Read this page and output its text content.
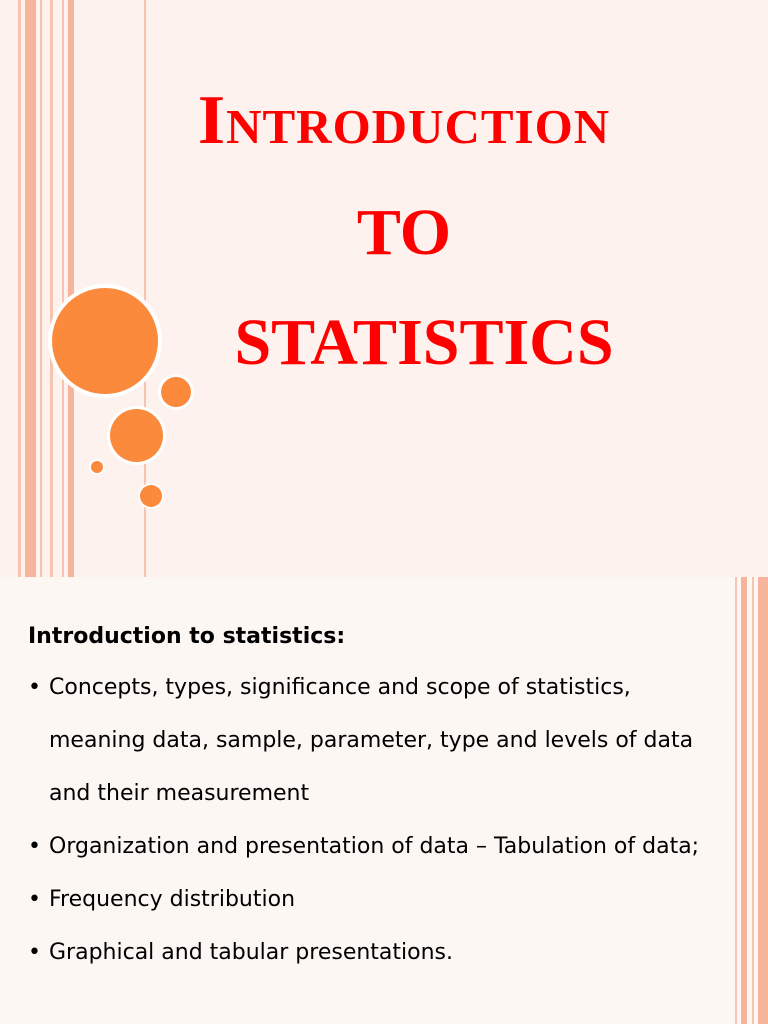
Introduction
TO
STATISTICS
Introduction to statistics:
• Concepts, types, significance and scope of statistics, meaning data, sample, parameter, type and levels of data and their measurement
• Organization and presentation of data – Tabulation of data;
• Frequency distribution
• Graphical and tabular presentations.
